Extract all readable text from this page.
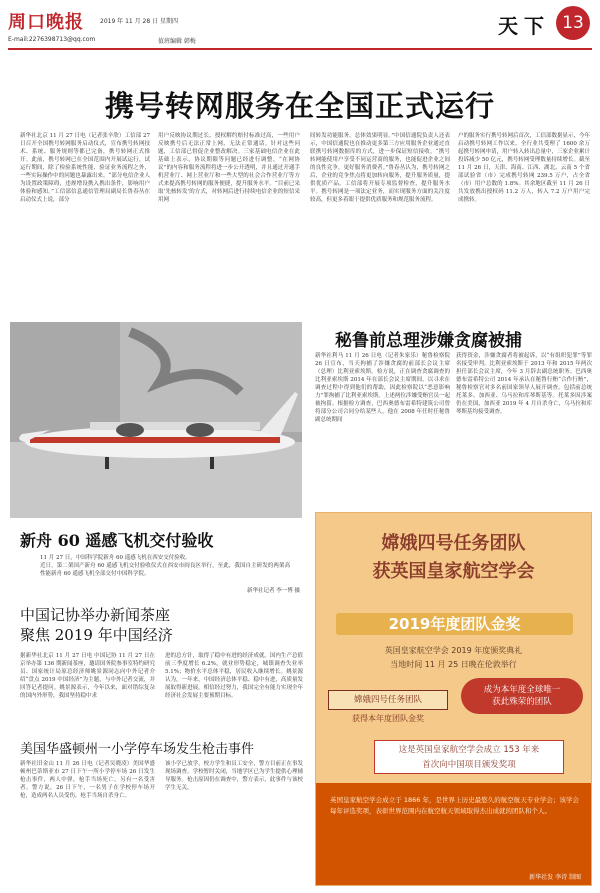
周口晚报	2019 年 11 月 28 日 星期四
E-mail:2276398713@qq.com	值班编辑 韩梅
天下 13
携号转网服务在全国正式运行
新华社北京 11 月 27 日电（记者张辛欣）工信部 27 日召开全国携号转网服务启动仪式，宣布携号转网技术、系统、服务规则等都已完备，携号转网正式推开。此前，携号转网已在全国范围内开展试运行。试运行期间，除了检验系统性能、验证业务流程之外，一些实际操作中的问题也暴露出来。“部分电信企业人为设置政策障碍，违规增设携入携出条件，影响用户体验和感知。”工信部信息通信管理局副局长鲁春丛在启动仪式上说，部分
用户反映协议期过长、授权解约赔付标准过高，一些用户反映携号后无法正常上网、无法正常通话。针对这些问题，工信部已督促企业整改解决。三家基础电信企业在此基础上表示，协议期限等问题已经进行调整，“在网协议”的内容和服务流程将进一步公开透明，并且通过开通手机营业厅、网上营业厅和一些大型的社会合作营业厅等方式来提高携号转网的服务便捷，提升服务水平。“目前已采取‘先核转发’的方式，对转网后进行持续电信企业的短信采用网
间转发功能服务，总体效果明显。”中国信通院负责人还表示，中国信通院也在推动更多第三方应用服务企业通过直联携号转网数据库的方式，进一步保证短信接收。“携号转网能使用户享受不同运营商的服务，也能促进企业之间的良性竞争，更好服务消费者。”鲁春丛认为，携号转网之后，企业的竞争焦点将更加转向服务，提升服务质量，提供优质产品。工信部将开展专项监督检查，提升服务水平。携号转网是一项法定业务，而实现服务方面的关注度较高，但更多着眼于提供优质服务和规范服务流程。
户的服务实行携号转网后首次，工信部数据显示，今年启动携号转网工作以来，全行业共受理了 1600 余万起携号转网申请，用户转入转出总量中，三家企业累计投诉减少 50 亿元，携号转网受理数量持续增长。截至 11 月 26 日，天津、海南、江西、湖北、云南 5 个省部试验省（市）完成携号转网 239.5 万户，占全省（市）用户总数的 1.8%。其余地区截至 11 月 26 日共发放携出授权码 11.2 万人，转入 7.2 万户用户完成携转。
新舟 60 遥感飞机交付验收
11 月 27 日，中国科学院新舟 60 遥感飞机在西安交付验收。
近日，第二架国产新舟 60 遥感飞机交付验收仪式在西安市阎良区举行，至此，我国自主研发的两架高性能新舟 60 遥感飞机全部交付中国科学院。
新华社记者 李一博 摄
秘鲁前总理涉嫌贪腐被捕
新华社利马 11 月 26 日电（记者朱家乐）秘鲁检察院 26 日宣布，当天拘捕了涉嫌贪腐的前部长会议主席（总理）比利亚索埃斯。检方说，正在调查贪腐调查的比利亚索埃斯 2014 年在部长会议主席期间，以寻求在调查过程中得到他们的帮助，因此检察院以“恶意影响力”罪拘捕了比利亚索埃斯。上述两位涉嫌受贿官员一起被拘留。根据检方调查，巴西奥德布雷希特建筑公司曾将部分公司合同分给某些人，他在 2008 年任时任秘鲁副总统期间
获得资金，涉嫌贪腐者将被起诉，以“有组织犯罪”等罪名接受审判。比利亚索埃斯于 2013 年和 2015 年两次担任部长会议主席，今年 3 月辞去副总统职务。巴西奥德布雷希特公司 2014 年承认在秘鲁行贿“合作行贿”，秘鲁检察官对多名前国家领导人展开调查，包括前总统托莱多、加西亚、乌马拉和库琴斯基等。托莱多因涉案仍在美国，加西亚 2019 年 4 月自杀身亡，乌马拉和库琴斯基均接受调查。
中国记协举办新闻茶座
聚焦 2019 年中国经济
据新华社北京 11 月 27 日电 中国记协 11 月 27 日在京举办第 136 期新闻茶座，邀请国务院参事室特约研究员、国家统计局原总经济师姚景源同志向中外记者介绍“盘点 2019 中国经济”为主题，与中外记者交流，并回答记者提问。姚景源表示，今年以来，面对错综复杂的国内外形势，我国坚持稳中求
进的总方针，取得了稳中有进的经济成就。国内生产总值前三季度增长 6.2%，就业形势稳定，城镇调查失业率 5.1%；物价水平总体平稳，居民收入继续增长。姚景源认为，一年来，中国经济总体平稳、稳中有进，高质量发展取得新进展。相信经过努力，我国完全有能力实现全年经济社会发展主要预期目标。
美国华盛顿州一小学停车场发生枪击事件
新华社旧金山 11 月 26 日电（记者吴晓凌）美国华盛顿州巴蒂斯亚市 27 日下午一所小学停车场 26 日发生枪击事件，两人中弹，枪手当场死亡，另有一名受害者。警方说，26 日下午，一名男子在学校停车场开枪，造成两名人员受伤，枪手当场自杀身亡。
该小学已放学，校方学生和员工安全，警方目前正在事发现场调查。学校暂时关闭，当地学区已为学生提供心理辅导服务。枪击原因仍在调查中，警方表示，此事件与该校学生无关。
嫦娥四号任务团队
获英国皇家航空学会
2019年度团队金奖
英国皇家航空学会 2019 年度颁奖典礼
当地时间 11 月 25 日晚在伦敦举行
嫦娥四号任务团队
获得本年度团队金奖
成为本年度全球唯一
获此殊荣的团队
这是英国皇家航空学会成立 153 年来
首次向中国项目颁发奖项
英国皇家航空学会成立于 1866 年，是世界上历史最悠久的航空航天专业学会；该学会每年评选奖项，表彰世界范围内在航空航天领域取得杰出成就的团队和个人。
新华社发 李诗 制图
